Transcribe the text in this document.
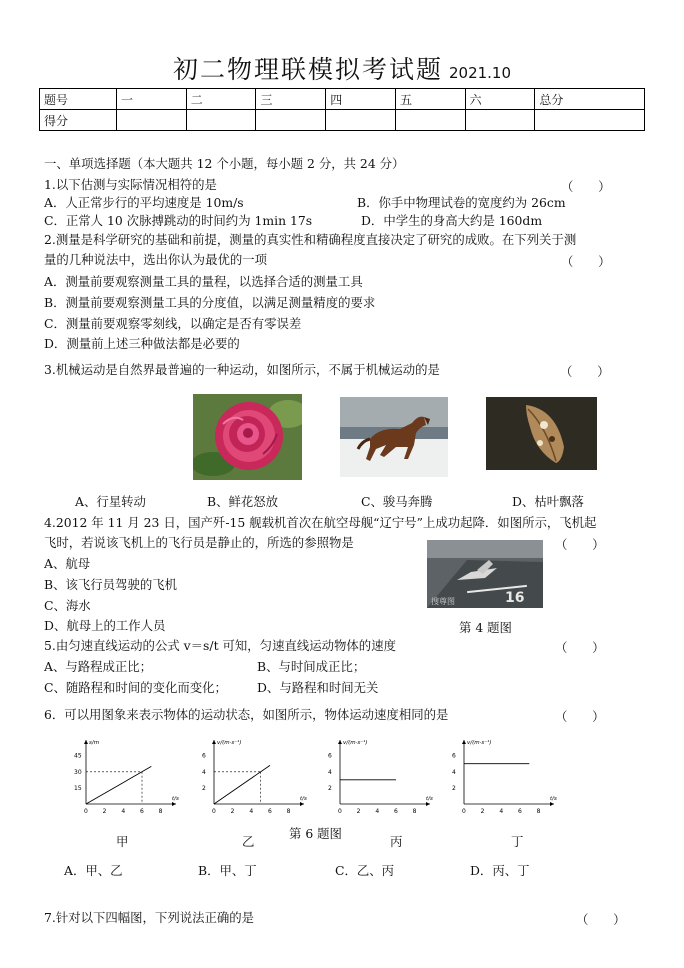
初二物理联模拟考试题 2021.10
题号	一	二	三	四	五	六	总分
得分							
一、单项选择题（本大题共 12 个小题，每小题 2 分，共 24 分）
1.以下估测与实际情况相符的是	（　　）
A．人正常步行的平均速度是 10m/s	B．你手中物理试卷的宽度约为 26cm
C．正常人 10 次脉搏跳动的时间约为 1min 17s	D．中学生的身高大约是 160dm
2.测量是科学研究的基础和前提，测量的真实性和精确程度直接决定了研究的成败。在下列关于测
量的几种说法中，选出你认为最优的一项	（　　）
A．测量前要观察测量工具的量程，以选择合适的测量工具
B．测量前要观察测量工具的分度值，以满足测量精度的要求
C．测量前要观察零刻线，以确定是否有零误差
D．测量前上述三种做法都是必要的
3.机械运动是自然界最普遍的一种运动，如图所示，不属于机械运动的是	（　　）
A、行星转动	B、鲜花怒放	C、骏马奔腾	D、枯叶飘落
4.2012 年 11 月 23 日，国产歼-15 舰载机首次在航空母舰“辽宁号”上成功起降．如图所示，飞机起
飞时，若说该飞机上的飞行员是静止的，所选的参照物是	（　　）
A、航母
B、该飞行员驾驶的飞机
C、海水
D、航母上的工作人员
16
搜尊图
第 4 题图
5.由匀速直线运动的公式 v＝s/t 可知，匀速直线运动物体的速度	（　　）
A、与路程成正比；	B、与时间成正比；
C、随路程和时间的变化而变化； D、与路程和时间无关
6．可以用图象来表示物体的运动状态，如图所示，物体运动速度相同的是	（　　）
0 2 4 6 8
15
30
45
s/m
t/s
0 2 4 6 8
2
4
6
v/(m·s⁻¹)
t/s
0 2 4 6 8
2
4
6
v/(m·s⁻¹)
t/s
0 2 4 6 8
2
4
6
v/(m·s⁻¹)
t/s
甲	乙
第 6 题图
丙	丁
A．甲、乙	B．甲、丁	C．乙、丙	D．丙、丁
7.针对以下四幅图，下列说法正确的是	（　　）
